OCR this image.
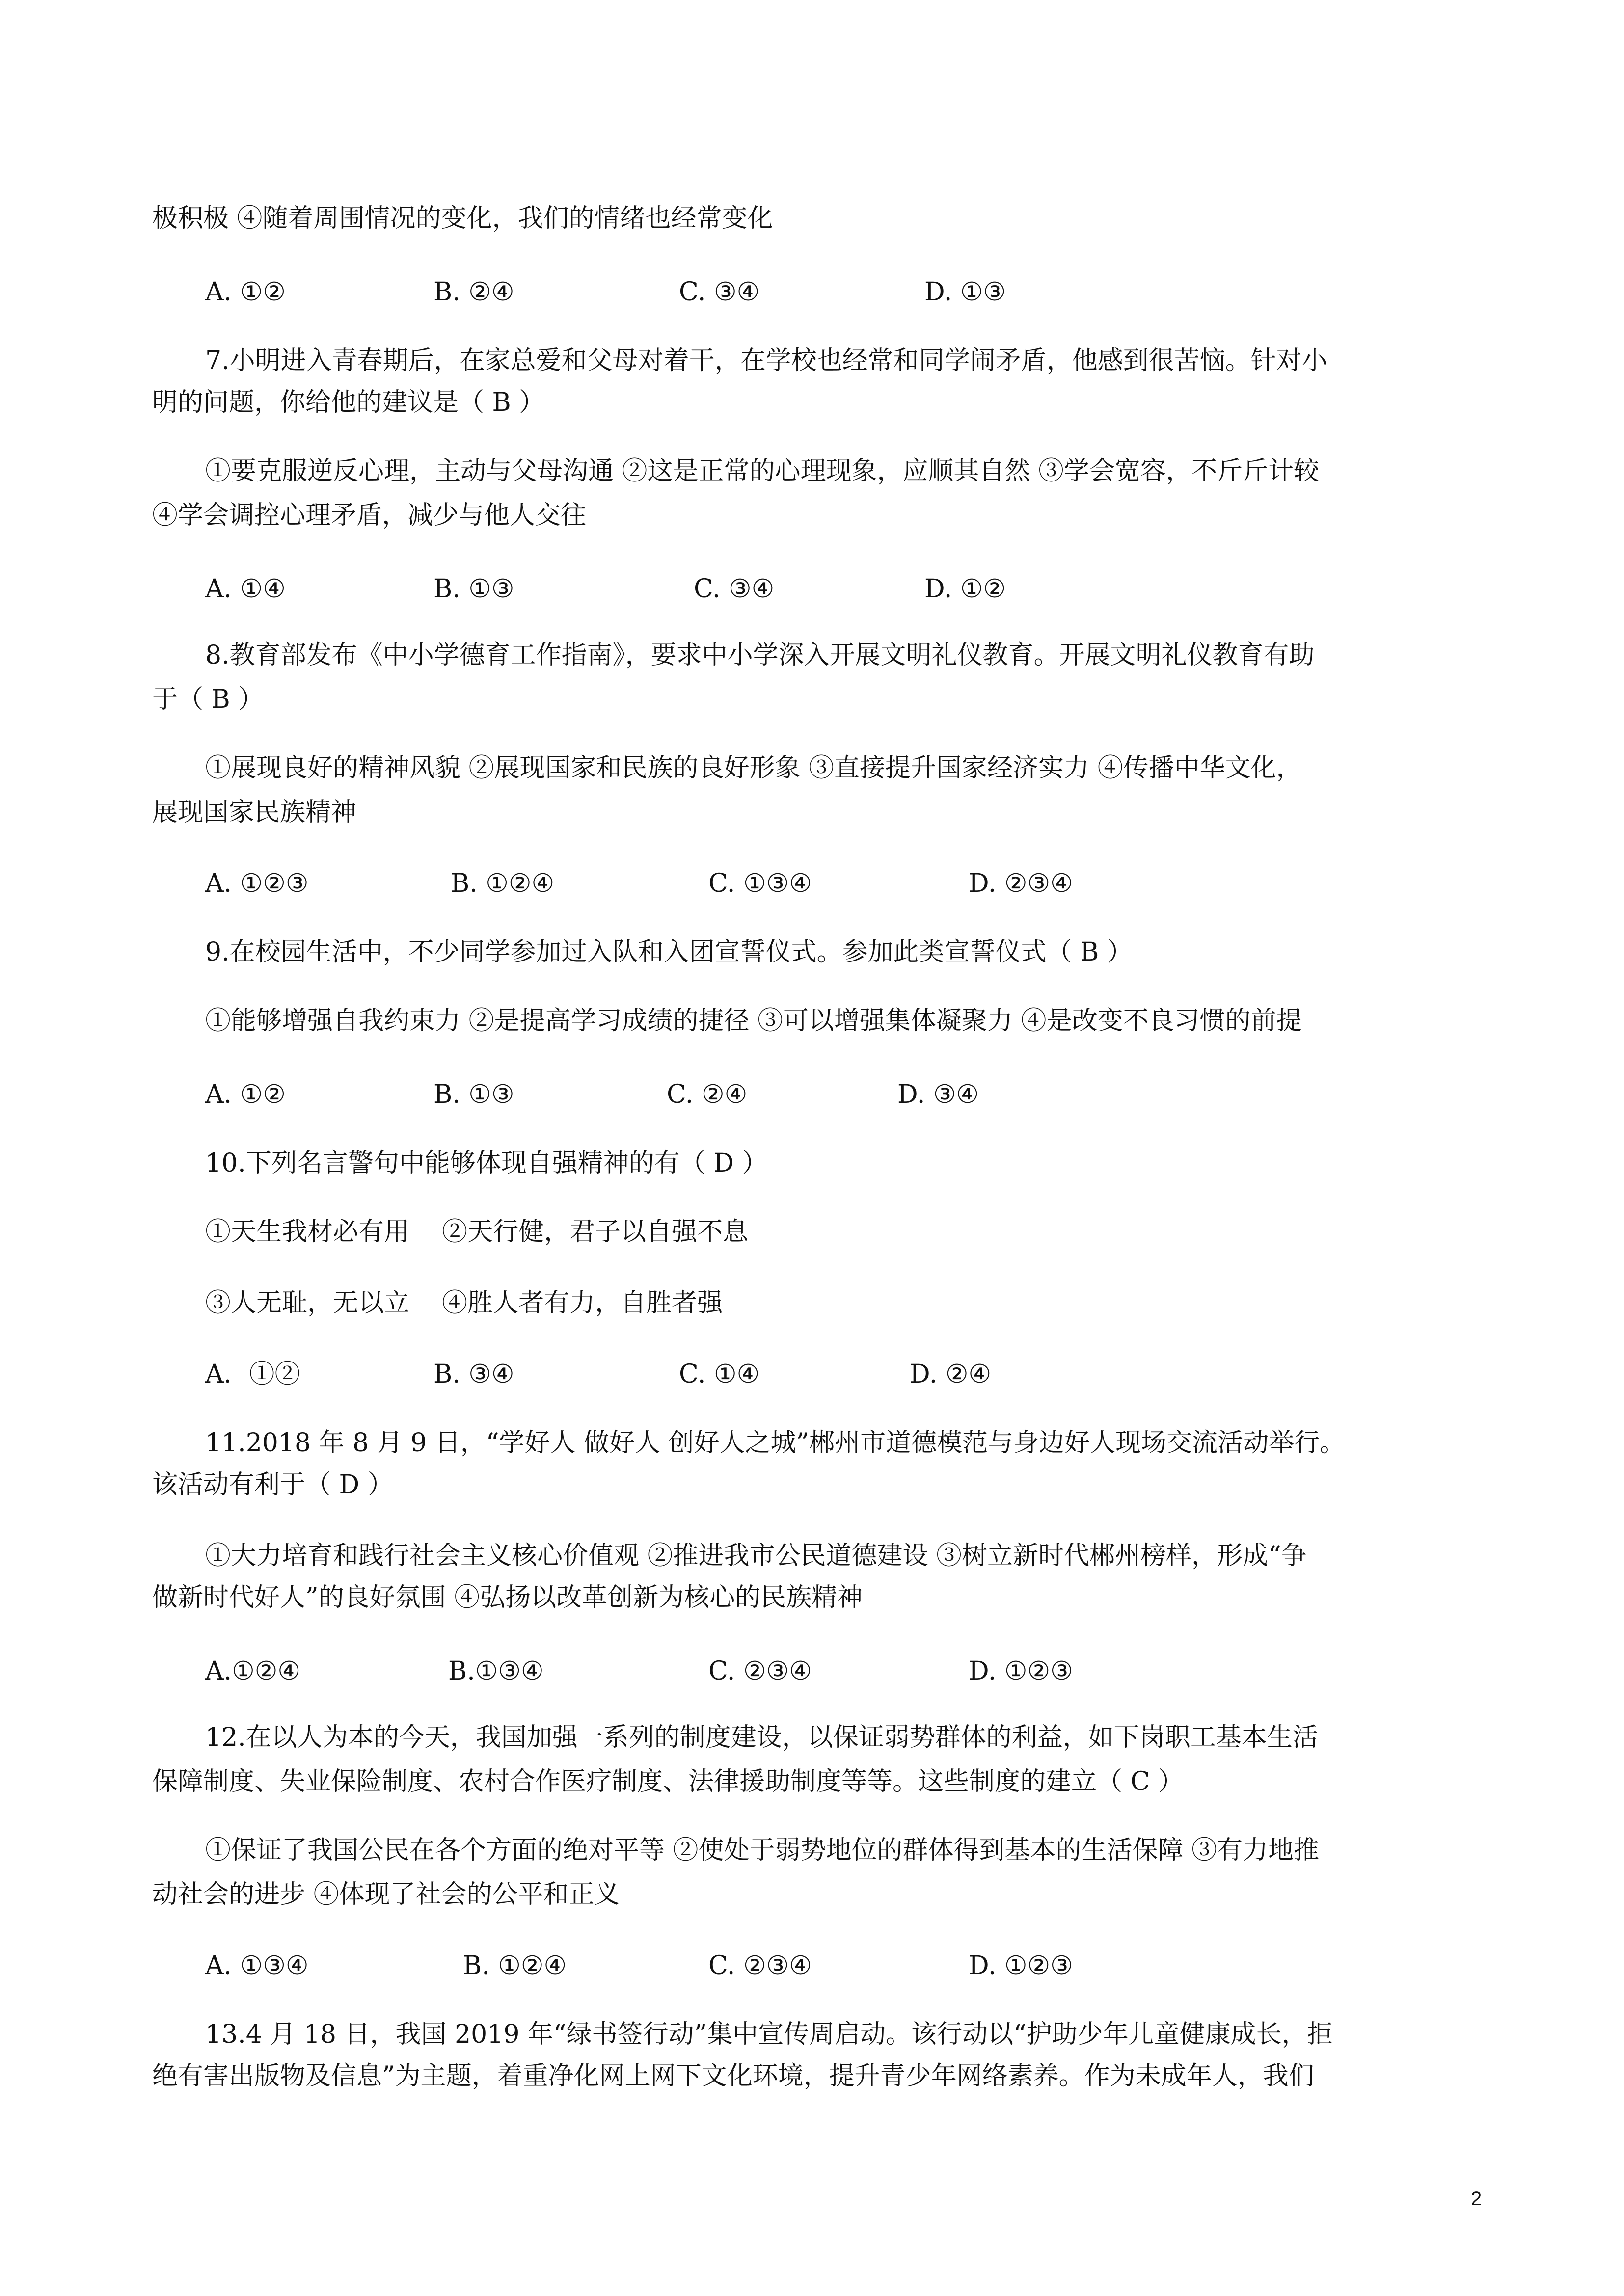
极积极 ④随着周围情况的变化，我们的情绪也经常变化
A. ①②	B. ②④	C. ③④	D. ①③
7.小明进入青春期后，在家总爱和父母对着干，在学校也经常和同学闹矛盾，他感到很苦恼。针对小
明的问题，你给他的建议是（ B ）
①要克服逆反心理，主动与父母沟通 ②这是正常的心理现象，应顺其自然 ③学会宽容，不斤斤计较
④学会调控心理矛盾，减少与他人交往
A. ①④	B. ①③	C. ③④	D. ①②
8.教育部发布《中小学德育工作指南》，要求中小学深入开展文明礼仪教育。开展文明礼仪教育有助
于（ B ）
①展现良好的精神风貌 ②展现国家和民族的良好形象 ③直接提升国家经济实力 ④传播中华文化，
展现国家民族精神
A. ①②③	B. ①②④	C. ①③④	D. ②③④
9.在校园生活中，不少同学参加过入队和入团宣誓仪式。参加此类宣誓仪式（ B ）
①能够增强自我约束力 ②是提高学习成绩的捷径 ③可以增强集体凝聚力 ④是改变不良习惯的前提
A. ①②	B. ①③	C. ②④	D. ③④
10.下列名言警句中能够体现自强精神的有（ D ）
①天生我材必有用    ②天行健，君子以自强不息
③人无耻，无以立    ④胜人者有力，自胜者强
A．①②	B. ③④	C. ①④	D. ②④
11.2018 年 8 月 9 日，“学好人 做好人 创好人之城”郴州市道德模范与身边好人现场交流活动举行。
该活动有利于（ D ）
①大力培育和践行社会主义核心价值观 ②推进我市公民道德建设 ③树立新时代郴州榜样，形成“争
做新时代好人”的良好氛围 ④弘扬以改革创新为核心的民族精神
A.①②④	B.①③④	C. ②③④	D. ①②③
12.在以人为本的今天，我国加强一系列的制度建设，以保证弱势群体的利益，如下岗职工基本生活
保障制度、失业保险制度、农村合作医疗制度、法律援助制度等等。这些制度的建立（ C ）
①保证了我国公民在各个方面的绝对平等 ②使处于弱势地位的群体得到基本的生活保障 ③有力地推
动社会的进步 ④体现了社会的公平和正义
A. ①③④	B. ①②④	C. ②③④	D. ①②③
13.4 月 18 日，我国 2019 年“绿书签行动”集中宣传周启动。该行动以“护助少年儿童健康成长，拒
绝有害出版物及信息”为主题，着重净化网上网下文化环境，提升青少年网络素养。作为未成年人，我们
2
